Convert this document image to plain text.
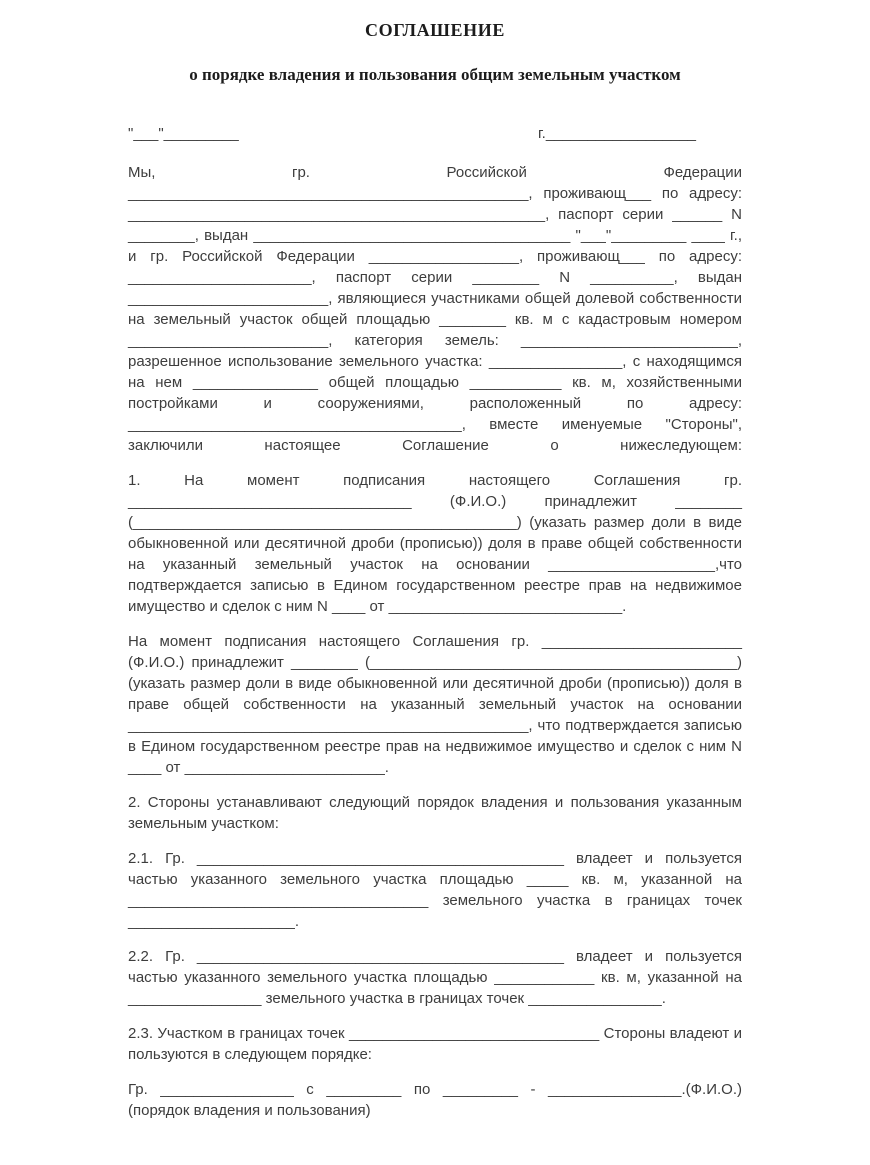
СОГЛАШЕНИЕ
о порядке владения и пользования общим земельным участком
"___"_________	г.__________________

Мы, гр. Российской Федерации ________________________________________________, проживающ___ по адресу: __________________________________________________, паспорт серии ______ N ________, выдан ______________________________________ "___"_________ ____ г., и гр. Российской Федерации __________________, проживающ___ по адресу: ______________________, паспорт серии ________ N __________, выдан ________________________, являющиеся участниками общей долевой собственности на земельный участок общей площадью ________ кв. м с кадастровым номером ________________________, категория земель: __________________________, разрешенное использование земельного участка: ________________, с находящимся на нем _______________ общей площадью ___________ кв. м, хозяйственными постройками и сооружениями, расположенный по адресу: ________________________________________, вместе именуемые "Стороны", заключили настоящее Соглашение о нижеследующем:

1. На момент подписания настоящего Соглашения гр. __________________________________ (Ф.И.О.) принадлежит ________ (______________________________________________) (указать размер доли в виде обыкновенной или десятичной дроби (прописью)) доля в праве общей собственности на указанный земельный участок на основании ____________________,что подтверждается записью в Едином государственном реестре прав на недвижимое имущество и сделок с ним N ____ от ____________________________.

На момент подписания настоящего Соглашения гр. ________________________ (Ф.И.О.) принадлежит ________ (____________________________________________)(указать размер доли в виде обыкновенной или десятичной дроби (прописью)) доля в праве общей собственности на указанный земельный участок на основании ________________________________________________, что подтверждается записью в Едином государственном реестре прав на недвижимое имущество и сделок с ним N ____ от ________________________.

2. Стороны устанавливают следующий порядок владения и пользования указанным земельным участком:

2.1. Гр. ____________________________________________ владеет и пользуется частью указанного земельного участка площадью _____ кв. м, указанной на ____________________________________ земельного участка в границах точек ____________________.

2.2. Гр. ____________________________________________ владеет и пользуется частью указанного земельного участка площадью ____________ кв. м, указанной на ________________ земельного участка в границах точек ________________.

2.3. Участком в границах точек ______________________________ Стороны владеют и пользуются в следующем порядке:

Гр. ________________ с _________ по _________ - ________________.(Ф.И.О.) (порядок владения и пользования)
